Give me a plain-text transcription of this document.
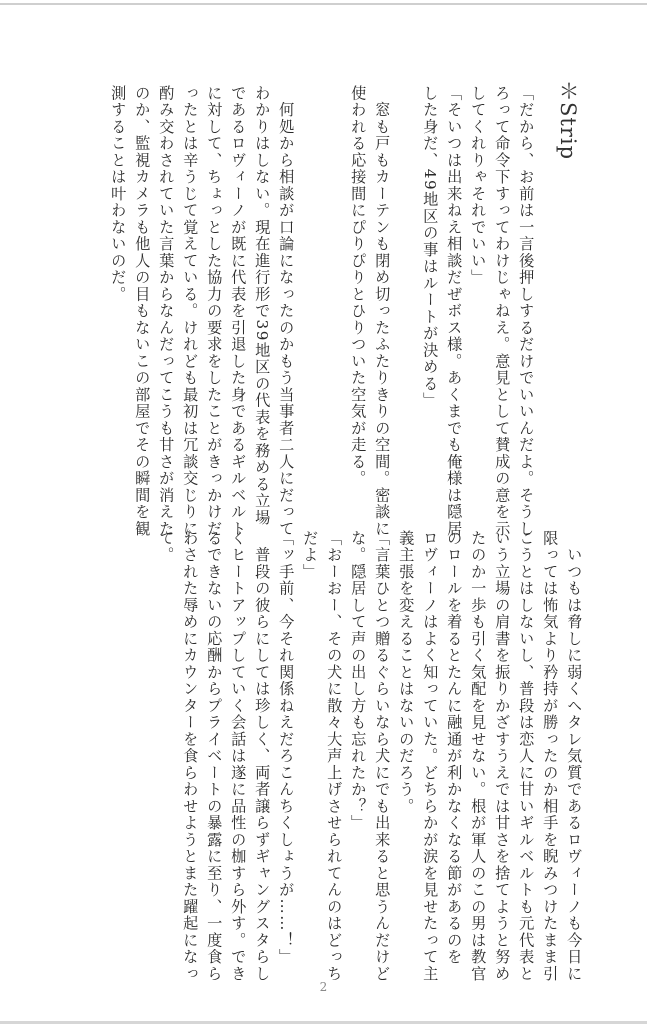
＊Strip
「だから、お前は一言後押しするだけでいいんだよ。そうし
ろって命令下すってわけじゃねえ。意見として賛成の意を示
してくれりゃそれでいい」
「そいつは出来ねえ相談だぜボス様。あくまでも俺様は隠居
した身だ、49地区の事はルートが決める」
　窓も戸もカーテンも閉め切ったふたりきりの空間。密談に
使われる応接間にぴりぴりとひりついた空気が走る。
　何処から相談が口論になったのかもう当事者二人にだって
わかりはしない。現在進行形で39地区の代表を務める立場
であるロヴィーノが既に代表を引退した身であるギルベルト
に対して、ちょっとした協力の要求をしたことがきっかけだ
ったとは辛うじて覚えている。けれども最初は冗談交じりに
酌み交わされていた言葉からなんだってこうも甘さが消えた
のか、監視カメラも他人の目もないこの部屋でその瞬間を観
測することは叶わないのだ。
　いつもは脅しに弱くヘタレ気質であるロヴィーノも今日に
限っては怖気より矜持が勝ったのか相手を睨みつけたまま引
こうとはしないし、普段は恋人に甘いギルベルトも元代表と
いう立場の肩書を振りかざすうえでは甘さを捨てようと努め
たのか一歩も引く気配を見せない。根が軍人のこの男は教官
のロールを着るとたんに融通が利かなくなる節があるのを
ロヴィーノはよく知っていた。どちらかが涙を見せたって主
義主張を変えることはないのだろう。
「言葉ひとつ贈るぐらいなら犬にでも出来ると思うんだけど
な。隠居して声の出し方も忘れたか？」
「おーおー、その犬に散々大声上げさせられてんのはどっち
だよ」
「ッ手前、今それ関係ねえだろこんちくしょうが……！」
　普段の彼らにしては珍しく、両者譲らずギャングスタらし
くヒートアップしていく会話は遂に品性の枷すら外す。でき
るできないの応酬からプライベートの暴露に至り、一度食ら
わされた辱めにカウンターを食らわせようとまた躍起になっ
て。
2
